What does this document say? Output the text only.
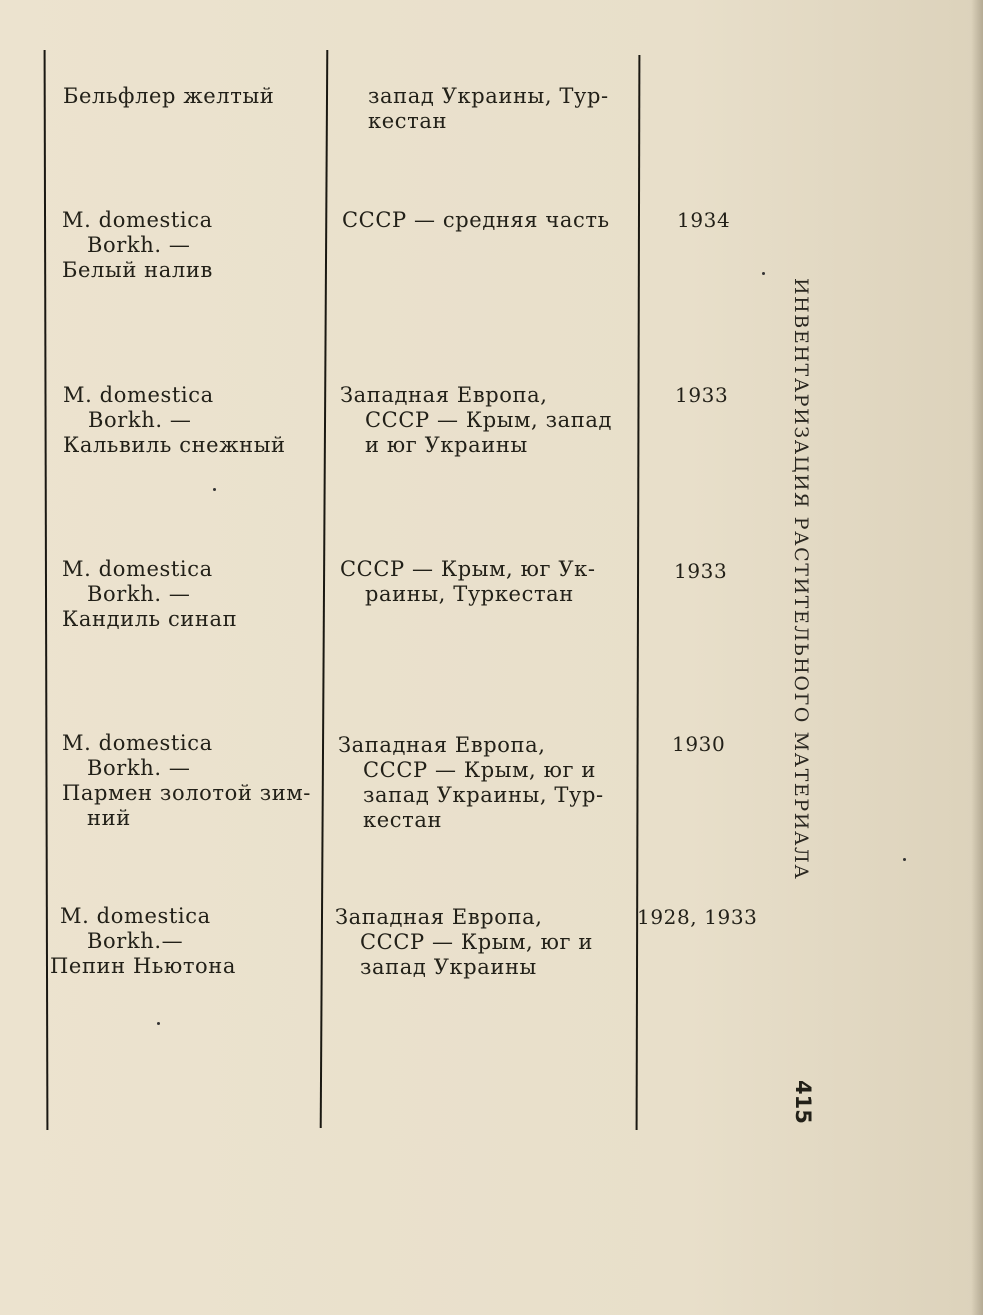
Бельфлер желтый	запад Украины, Тур-
кестан
M. domestica
Borkh. —
Белый налив
СССР — средняя часть	1934
M. domestica
Borkh. —
Кальвиль снежный
Западная Европа,
СССР — Крым, запад
и юг Украины
1933
M. domestica
Borkh. —
Кандиль синап
СССР — Крым, юг Ук-
раины, Туркестан
1933
M. domestica
Borkh. —
Пармен золотой зим-
ний
Западная Европа,
СССР — Крым, юг и
запад Украины, Тур-
кестан
1930
M. domestica
Borkh.—
Пепин Ньютона
Западная Европа,
СССР — Крым, юг и
запад Украины
1928, 1933
ИНВЕНТАРИЗАЦИЯ РАСТИТЕЛЬНОГО МАТЕРИАЛА
415
